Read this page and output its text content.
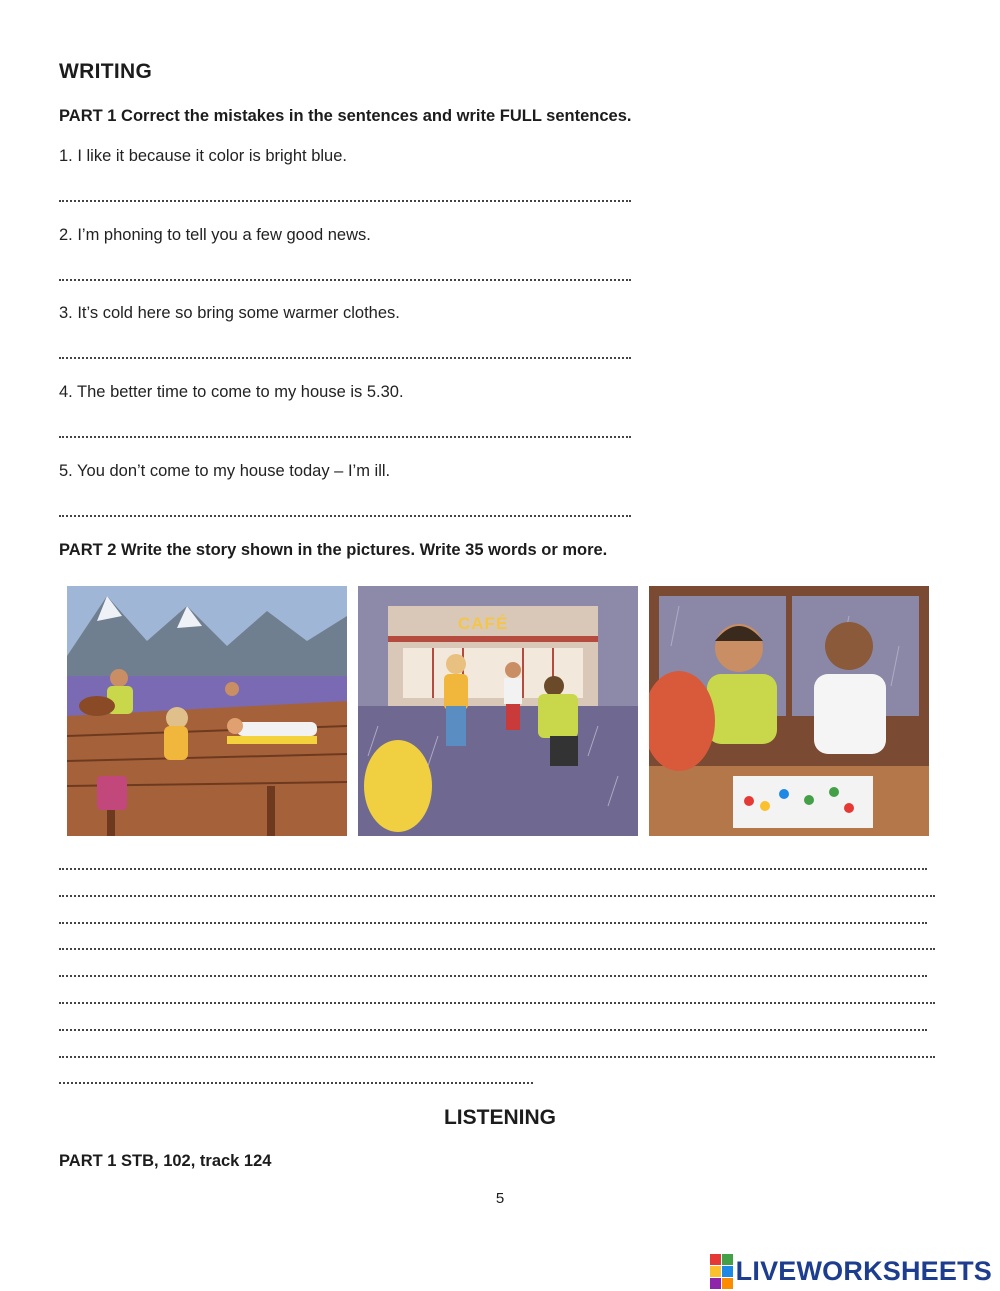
WRITING
PART 1 Correct the mistakes in the sentences and write FULL sentences.
1. I like it because it color is bright blue.
2. I’m phoning to tell you a few good news.
3. It’s cold here so bring some warmer clothes.
4. The better time to come to my house is 5.30.
5. You don’t come to my house today – I’m ill.
PART 2 Write the story shown in the pictures. Write 35 words or more.
CAFÉ
LISTENING
PART 1 STB, 102, track 124
5
LIVEWORKSHEETS
